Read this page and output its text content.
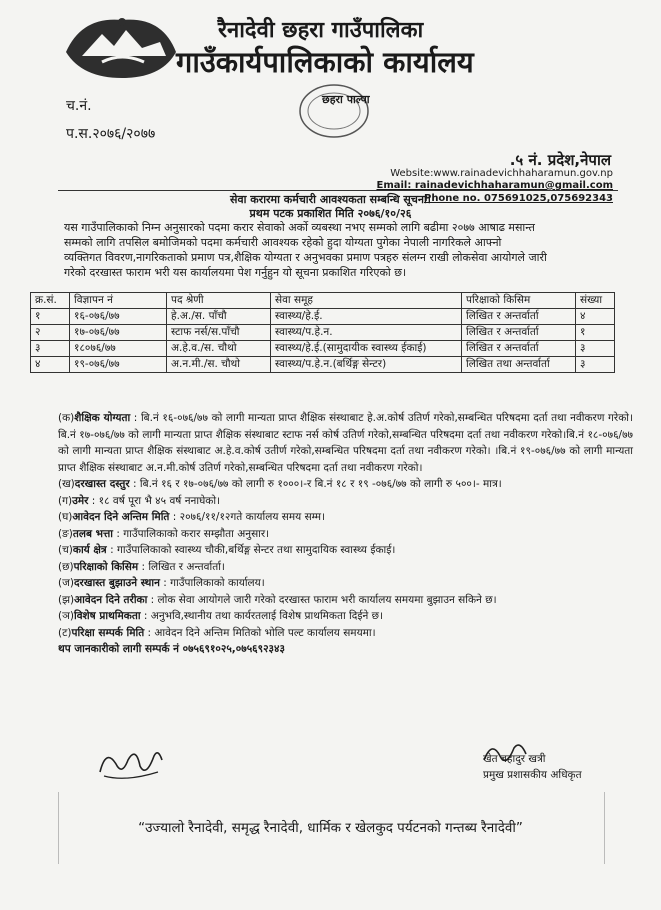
रैनादेवी छहरा गाउँपालिका
गाउँकार्यपालिकाको कार्यालय
च.नं.
प.स.२०७६/२०७७
छहरा पाल्पा
.५ नं. प्रदेश,नेपाल
Website:www.rainadevichhaharamun.gov.np
Email: rainadevichhaharamun@gmail.com
Phone no. 075691025,075692343
सेवा करारमा कर्मचारी आवश्यकता सम्बन्धि सूचना।
प्रथम पटक प्रकाशित मिति २०७६/१०/२६
यस गाउँपालिकाको निम्न अनुसारको पदमा करार सेवाको अर्को व्यबस्था नभए सम्मको लागि बढीमा २०७७ आषाढ मसान्त
सम्मको लागि तपसिल बमोजिमको पदमा कर्मचारी आवश्यक रहेको हुदा योग्यता पुगेका नेपाली नागरिकले आफ्नो
व्यक्तिगत विवरण,नागरिकताको प्रमाण पत्र,शैक्षिक योग्यता र अनुभवका प्रमाण पत्रहरु संलग्न राखी लोकसेवा आयोगले जारी
गरेको दरखास्त फाराम भरी यस कार्यालयमा पेश गर्नुहुन यो सूचना प्रकाशित गरिएको छ।
क्र.सं.	विज्ञापन नं	पद श्रेणी	सेवा समूह	परिक्षाको किसिम	संख्या
१	१६-०७६/७७	हे.अ./स. पाँचौ	स्वास्थ्य/हे.ई.	लिखित र अन्तर्वार्ता	४
२	१७-०७६/७७	स्टाफ नर्स/स.पाँचौ	स्वास्थ्य/प.हे.न.	लिखित र अन्तर्वार्ता	१
३	१८०७६/७७	अ.हे.व./स. चौथो	स्वास्थ्य/हे.ई.(सामुदायीक स्वास्थ्य ईकाई)	लिखित र अन्तर्वार्ता	३
४	१९-०७६/७७	अ.न.मी./स. चौथो	स्वास्थ्य/प.हे.न.(बर्थिङ्ग सेन्टर)	लिखित तथा अन्तर्वार्ता	३

(क)शैक्षिक योग्यता : बि.नं १६-०७६/७७ को लागी मान्यता प्राप्त शैक्षिक संस्थाबाट हे.अ.कोर्ष उतिर्ण गरेको,सम्बन्धित परिषदमा दर्ता तथा नवीकरण गरेको। बि.नं १७-०७६/७७ को लागी मान्यता प्राप्त शैक्षिक संस्थाबाट स्टाफ नर्स कोर्ष उतिर्ण गरेको,सम्बन्धित परिषदमा दर्ता तथा नवीकरण गरेको।बि.नं १८-०७६/७७ को लागी मान्यता प्राप्त शैक्षिक संस्थाबाट अ.हे.व.कोर्ष उतीर्ण गरेको,सम्बन्धित परिषदमा दर्ता तथा नवीकरण गरेको। ।बि.नं १९-०७६/७७ को लागी मान्यता प्राप्त शैक्षिक संस्थाबाट अ.न.मी.कोर्ष उतिर्ण गरेको,सम्बन्धित परिषदमा दर्ता तथा नवीकरण गरेको।

(ख)दरखास्त दस्तुर : बि.नं १६ र १७-०७६/७७ को लागी रु १०००।-र बि.नं १८ र १९ -०७६/७७ को लागी रु ५००।- मात्र।

(ग)उमेर : १८ वर्ष पूरा भै ४५ वर्ष ननाघेको।

(घ)आवेदन दिने अन्तिम मिति : २०७६/११/१२गते कार्यालय समय सम्म।

(ङ)तलब भत्ता : गाउँपालिकाको करार सम्झौता अनुसार।

(च)कार्य क्षेत्र : गाउँपालिकाको स्वास्थ्य चौकी,बर्थिङ्ग सेन्टर तथा सामुदायिक स्वास्थ्य ईकाई।

(छ)परिक्षाको किसिम : लिखित र अन्तर्वार्ता।

(ज)दरखास्त बुझाउने स्थान : गाउँपालिकाको कार्यालय।

(झ)आवेदन दिने तरीका : लोक सेवा आयोगले जारी गरेको दरखास्त फाराम भरी कार्यालय समयमा बुझाउन सकिने छ।

(ञ)विशेष प्राथमिकता : अनुभवि,स्थानीय तथा कार्यरतलाई विशेष प्राथमिकता दिईने छ।

(ट)परिक्षा सम्पर्क मिति : आवेदन दिने अन्तिम मितिको भोलि पल्ट कार्यालय समयमा।

थप जानकारीको लागी सम्पर्क नं ०७५६९१०२५,०७५६९२३४३

खेत बहादुर खत्री
प्रमुख प्रशासकीय अधिकृत
“उज्यालो रैनादेवी, समृद्ध रैनादेवी, धार्मिक र खेलकुद पर्यटनको गन्तब्य रैनादेवी”
